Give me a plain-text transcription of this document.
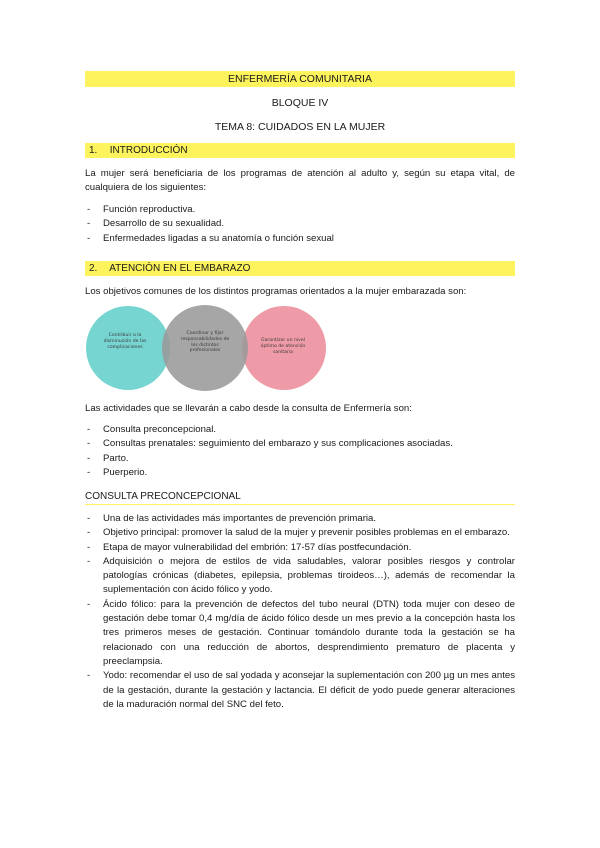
ENFERMERÍA COMUNITARIA
BLOQUE IV
TEMA 8: CUIDADOS EN LA MUJER
1. INTRODUCCIÓN
La mujer será beneficiaria de los programas de atención al adulto y, según su etapa vital, de cualquiera de los siguientes:
- Función reproductiva.
- Desarrollo de su sexualidad.
- Enfermedades ligadas a su anatomía o función sexual
2. ATENCIÓN EN EL EMBARAZO
Los objetivos comunes de los distintos programas orientados a la mujer embarazada son:
Contribuir a la disminución de las complicaciones
Coordinar y fijar responsabilidades de los distintos profesionales
Garantizar un nivel óptimo de atención sanitaria
Las actividades que se llevarán a cabo desde la consulta de Enfermería son:
- Consulta preconcepcional.
- Consultas prenatales: seguimiento del embarazo y sus complicaciones asociadas.
- Parto.
- Puerperio.
CONSULTA PRECONCEPCIONAL
- Una de las actividades más importantes de prevención primaria.
- Objetivo principal: promover la salud de la mujer y prevenir posibles problemas en el embarazo.
- Etapa de mayor vulnerabilidad del embrión: 17-57 días postfecundación.
- Adquisición o mejora de estilos de vida saludables, valorar posibles riesgos y controlar patologías crónicas (diabetes, epilepsia, problemas tiroideos…), además de recomendar la suplementación con ácido fólico y yodo.
- Ácido fólico: para la prevención de defectos del tubo neural (DTN) toda mujer con deseo de gestación debe tomar 0,4 mg/día de ácido fólico desde un mes previo a la concepción hasta los tres primeros meses de gestación. Continuar tomándolo durante toda la gestación se ha relacionado con una reducción de abortos, desprendimiento prematuro de placenta y preeclampsia.
- Yodo: recomendar el uso de sal yodada y aconsejar la suplementación con 200 µg un mes antes de la gestación, durante la gestación y lactancia. El déficit de yodo puede generar alteraciones de la maduración normal del SNC del feto.
